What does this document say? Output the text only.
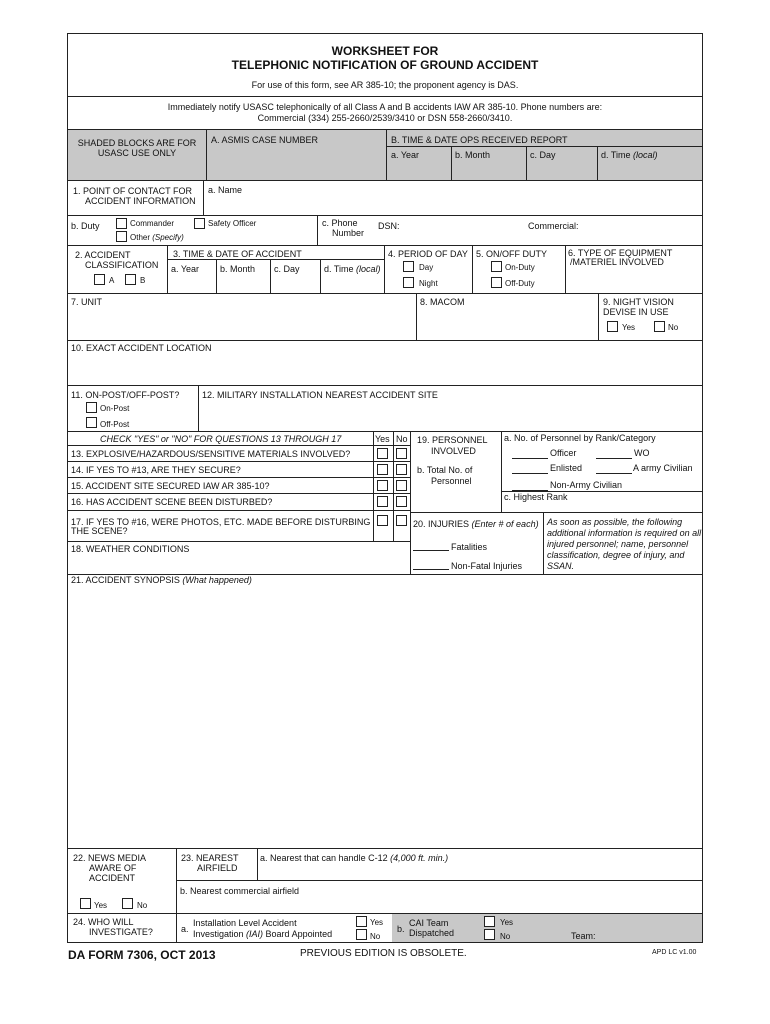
WORKSHEET FOR
TELEPHONIC NOTIFICATION OF GROUND ACCIDENT
For use of this form, see AR 385-10; the proponent agency is DAS.
Immediately notify USASC telephonically of all Class A and B accidents IAW AR 385-10. Phone numbers are:
Commercial (334) 255-2660/2539/3410 or DSN 558-2660/3410.
SHADED BLOCKS ARE FOR
USASC USE ONLY
A. ASMIS CASE NUMBER	B. TIME & DATE OPS RECEIVED REPORT
a. Year	b. Month	c. Day	d. Time (local)
1. POINT OF CONTACT FOR
ACCIDENT INFORMATION
a. Name
b. Duty	Commander	Safety Officer
Other (Specify)
c. Phone
Number
DSN:	Commercial:
2. ACCIDENT
CLASSIFICATION
A	B
3. TIME & DATE OF ACCIDENT
a. Year b. Month c. Day	d. Time (local)
4. PERIOD OF DAY
Day
Night
5. ON/OFF DUTY
On-Duty
Off-Duty
6. TYPE OF EQUIPMENT
/MATERIEL INVOLVED
7. UNIT	8. MACOM	9. NIGHT VISION
DEVISE IN USE
Yes	No
10. EXACT ACCIDENT LOCATION
11. ON-POST/OFF-POST?
On-Post
Off-Post
12. MILITARY INSTALLATION NEAREST ACCIDENT SITE
CHECK "YES" or "NO" FOR QUESTIONS 13 THROUGH 17	Yes No
13. EXPLOSIVE/HAZARDOUS/SENSITIVE MATERIALS INVOLVED?
14. IF YES TO #13, ARE THEY SECURE?
15. ACCIDENT SITE SECURED IAW AR 385-10?
16. HAS ACCIDENT SCENE BEEN DISTURBED?
17. IF YES TO #16, WERE PHOTOS, ETC. MADE BEFORE DISTURBING
THE SCENE?
18. WEATHER CONDITIONS
19. PERSONNEL
INVOLVED
a. No. of Personnel by Rank/Category
Officer	WO
Enlisted	A army Civilian
Non-Army Civilian
b. Total No. of
Personnel
c. Highest Rank
20. INJURIES (Enter # of each)
Fatalities
Non-Fatal Injuries
As soon as possible, the following
additional information is required on all
injured personnel; name, personnel
classification, degree of injury, and
SSAN.
21. ACCIDENT SYNOPSIS (What happened)
22. NEWS MEDIA
AWARE OF
ACCIDENT
Yes	No
23. NEAREST
AIRFIELD
a. Nearest that can handle C-12 (4,000 ft. min.)
b. Nearest commercial airfield
24. WHO WILL
INVESTIGATE?	a.
Installation Level Accident
Investigation (IAI) Board Appointed
Yes
No
b.
CAI Team
Dispatched
Yes
No	Team:
DA FORM 7306, OCT 2013	PREVIOUS EDITION IS OBSOLETE.	APD LC v1.00
